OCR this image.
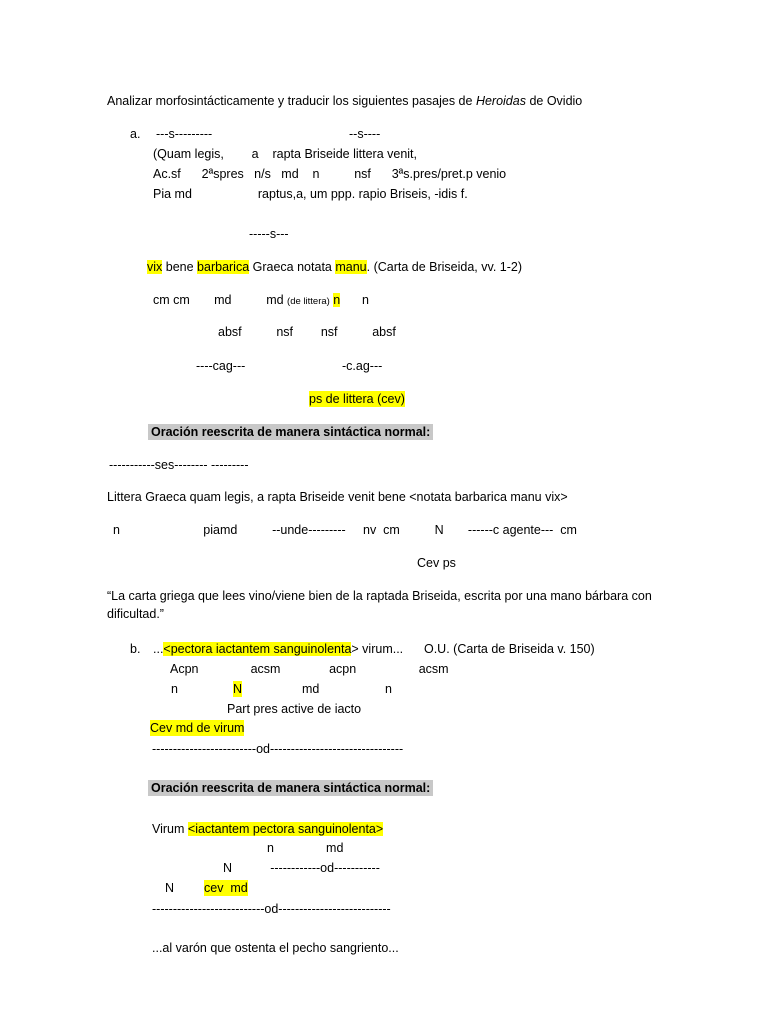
Analizar morfosintácticamente y traducir los siguientes pasajes de Heroidas de Ovidio
a. ---s---------	--s----
(Quam legis,        a    rapta Briseide littera venit,
Ac.sf      2ªspres   n/s   md    n          nsf      3ªs.pres/pret.p venio
Pia md                   raptus,a, um ppp. rapio Briseis, -idis f.
-----s---
vix bene barbarica Graeca notata manu. (Carta de Briseida, vv. 1-2)
cm cm       md          md (de littera) n n
absf          nsf        nsf          absf
----cag---	-c.ag---
ps de littera (cev)
Oración reescrita de manera sintáctica normal:
-----------ses-------- ---------
Littera Graeca quam legis, a rapta Briseide venit bene <notata barbarica manu vix>
n                        piamd          --unde---------     nv  cm          N       ------c agente---  cm
Cev ps
“La carta griega que lees vino/viene bien de la raptada Briseida, escrita por una mano bárbara con
dificultad.”
b. ...<pectora iactantem sanguinolenta> virum...      O.U. (Carta de Briseida v. 150)
Acpn               acsm              acpn                  acsm
n	N	md	n
Part pres active de iacto
Cev md de virum
-------------------------od--------------------------------
Oración reescrita de manera sintáctica normal:
Virum <iactantem pectora sanguinolenta>
n               md
N           ------------od-----------
N cev  md
---------------------------od---------------------------
...al varón que ostenta el pecho sangriento...
